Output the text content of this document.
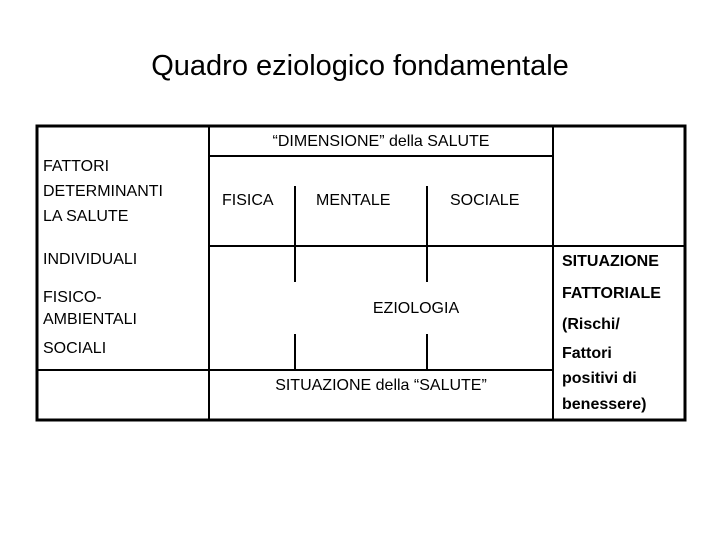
Quadro eziologico fondamentale
“DIMENSIONE” della SALUTE
FATTORI
DETERMINANTI
LA SALUTE
FISICA	MENTALE	SOCIALE
INDIVIDUALI
FISICO-
AMBIENTALI
SOCIALI
EZIOLOGIA
SITUAZIONE della “SALUTE”
SITUAZIONE
FATTORIALE
(Rischi/
Fattori
positivi di
benessere)
